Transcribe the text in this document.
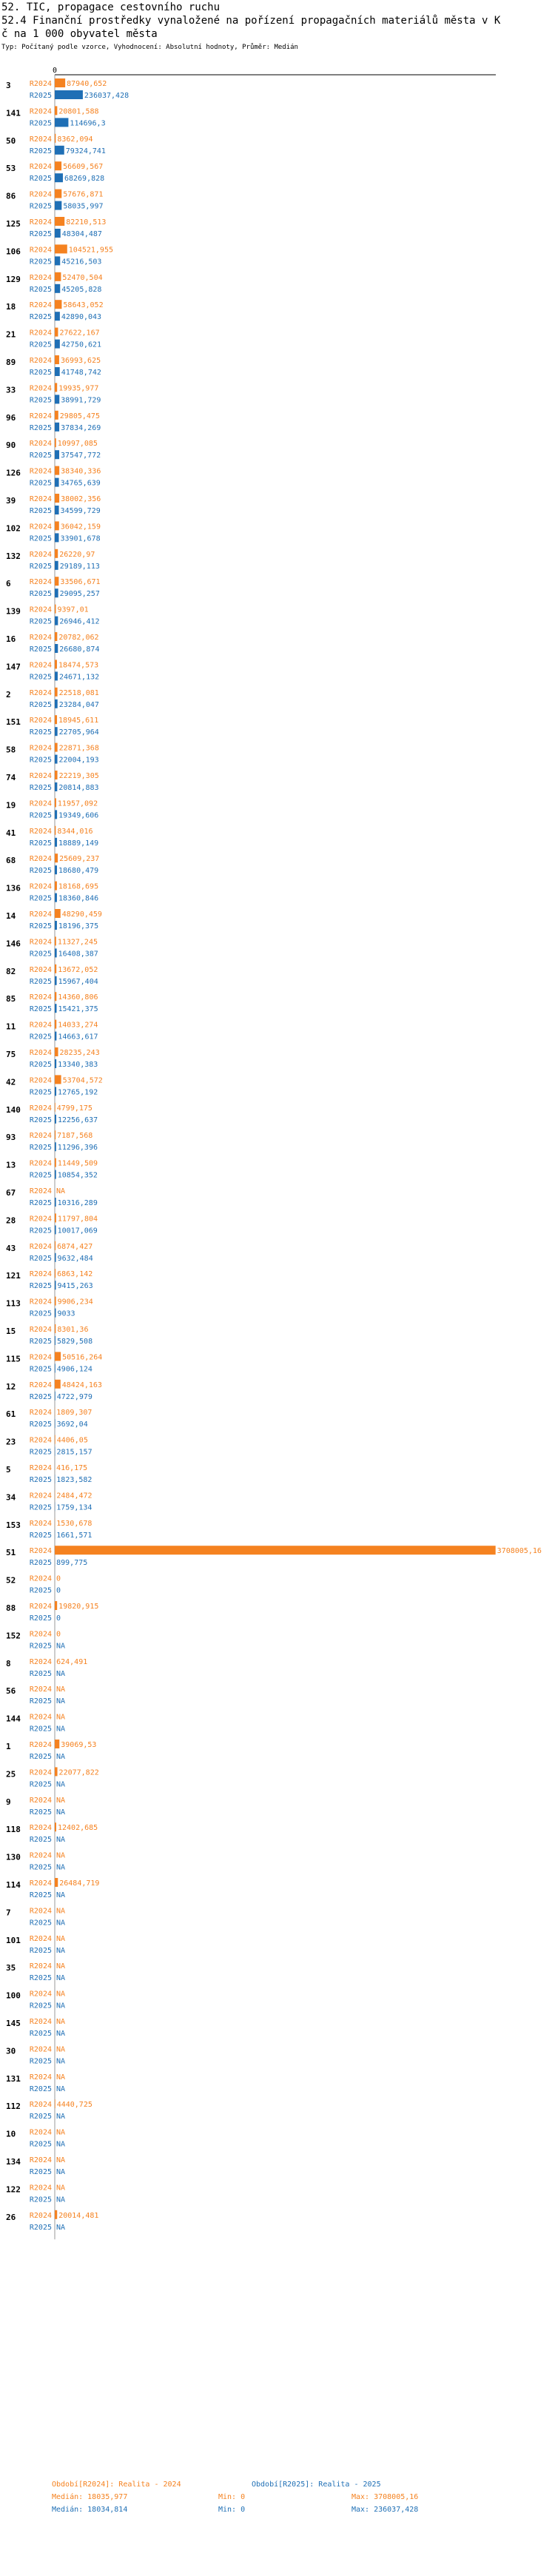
52. TIC, propagace cestovního ruchu
52.4 Finanční prostředky vynaložené na pořízení propagačních materiálů města v K
č na 1 000 obyvatel města
Typ: Počítaný podle vzorce, Vyhodnocení: Absolutní hodnoty, Průměr: Medián
0
3	R2024 87940,652
R2025	236037,428
141 R2024 20801,588
R2025 114696,3
50 R2024 8362,094
R2025 79324,741
53 R2024 56609,567
R2025 68269,828
86 R2024 57676,871
R2025 58035,997
125 R2024 82210,513
R2025 48304,487
106 R2024 104521,955
R2025 45216,503
129 R2024 52470,504
R2025 45205,828
18 R2024 58643,052
R2025 42890,043
21 R2024 27622,167
R2025 42750,621
89 R2024 36993,625
R2025 41748,742
33 R2024 19935,977
R2025 38991,729
96 R2024 29805,475
R2025 37834,269
90 R2024 10997,085
R2025 37547,772
126 R2024 38340,336
R2025 34765,639
39 R2024 38002,356
R2025 34599,729
102 R2024 36042,159
R2025 33901,678
132 R2024 26220,97
R2025 29189,113
6	R2024 33506,671
R2025 29095,257
139 R2024 9397,01
R2025 26946,412
16 R2024 20782,062
R2025 26680,874
147 R2024 18474,573
R2025 24671,132
2	R2024 22518,081
R2025 23284,047
151 R2024 18945,611
R2025 22705,964
58 R2024 22871,368
R2025 22004,193
74 R2024 22219,305
R2025 20814,883
19 R2024 11957,092
R2025 19349,606
41 R2024 8344,016
R2025 18889,149
68 R2024 25609,237
R2025 18680,479
136 R2024 18168,695
R2025 18360,846
14 R2024 48290,459
R2025 18196,375
146 R2024 11327,245
R2025 16408,387
82 R2024 13672,052
R2025 15967,404
85 R2024 14360,806
R2025 15421,375
11 R2024 14033,274
R2025 14663,617
75 R2024 28235,243
R2025 13340,383
42 R2024 53704,572
R2025 12765,192
140 R2024 4799,175
R2025 12256,637
93 R2024 7187,568
R2025 11296,396
13 R2024 11449,509
R2025 10854,352
67 R2024 NA
R2025 10316,289
28 R2024 11797,804
R2025 10017,069
43 R2024 6874,427
R2025 9632,484
121 R2024 6863,142
R2025 9415,263
113 R2024 9906,234
R2025 9033
15 R2024 8301,36
R2025 5829,508
115 R2024 50516,264
R2025 4906,124
12 R2024 48424,163
R2025 4722,979
61 R2024 1809,307
R2025 3692,04
23 R2024 4406,05
R2025 2815,157
5	R2024 416,175
R2025 1823,582
34 R2024 2484,472
R2025 1759,134
153 R2024 1530,678
R2025 1661,571
51 R2024	3708005,16
R2025 899,775
52 R2024 0
R2025 0
88 R2024 19820,915
R2025 0
152 R2024 0
R2025 NA
8	R2024 624,491
R2025 NA
56 R2024 NA
R2025 NA
144 R2024 NA
R2025 NA
1	R2024 39069,53
R2025 NA
25 R2024 22077,822
R2025 NA
9	R2024 NA
R2025 NA
118 R2024 12402,685
R2025 NA
130 R2024 NA
R2025 NA
114 R2024 26484,719
R2025 NA
7	R2024 NA
R2025 NA
101 R2024 NA
R2025 NA
35 R2024 NA
R2025 NA
100 R2024 NA
R2025 NA
145 R2024 NA
R2025 NA
30 R2024 NA
R2025 NA
131 R2024 NA
R2025 NA
112 R2024 4440,725
R2025 NA
10 R2024 NA
R2025 NA
134 R2024 NA
R2025 NA
122 R2024 NA
R2025 NA
26 R2024 20014,481
R2025 NA
Období[R2024]: Realita - 2024
Medián: 18035,977
Medián: 18034,814
Období[R2025]: Realita - 2025
Min: 0
Min: 0
Max: 3708005,16
Max: 236037,428
